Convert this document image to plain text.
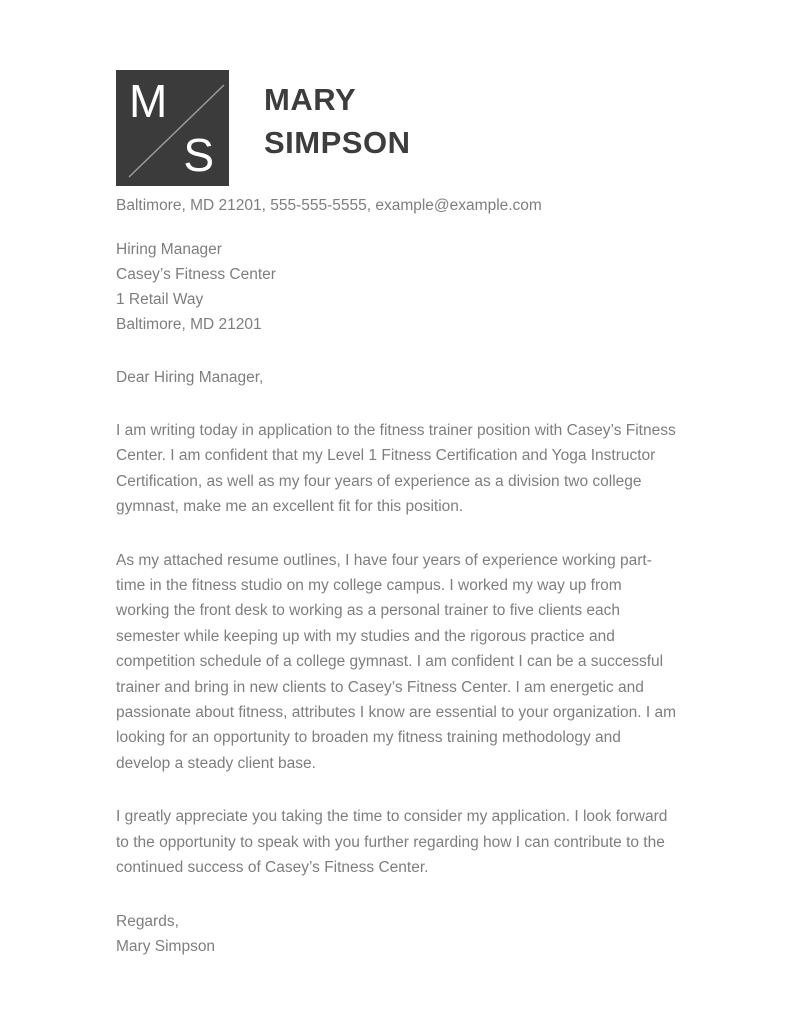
M
S
MARY
SIMPSON
Baltimore, MD 21201, 555-555-5555, example@example.com
Hiring Manager
Casey’s Fitness Center
1 Retail Way
Baltimore, MD 21201

Dear Hiring Manager,

I am writing today in application to the fitness trainer position with Casey’s Fitness Center. I am confident that my Level 1 Fitness Certification and Yoga Instructor Certification, as well as my four years of experience as a division two college gymnast, make me an excellent fit for this position.

As my attached resume outlines, I have four years of experience working part-time in the fitness studio on my college campus. I worked my way up from working the front desk to working as a personal trainer to five clients each semester while keeping up with my studies and the rigorous practice and competition schedule of a college gymnast. I am confident I can be a successful trainer and bring in new clients to Casey’s Fitness Center. I am energetic and passionate about fitness, attributes I know are essential to your organization. I am looking for an opportunity to broaden my fitness training methodology and develop a steady client base.

I greatly appreciate you taking the time to consider my application. I look forward to the opportunity to speak with you further regarding how I can contribute to the continued success of Casey’s Fitness Center.

Regards,
Mary Simpson
